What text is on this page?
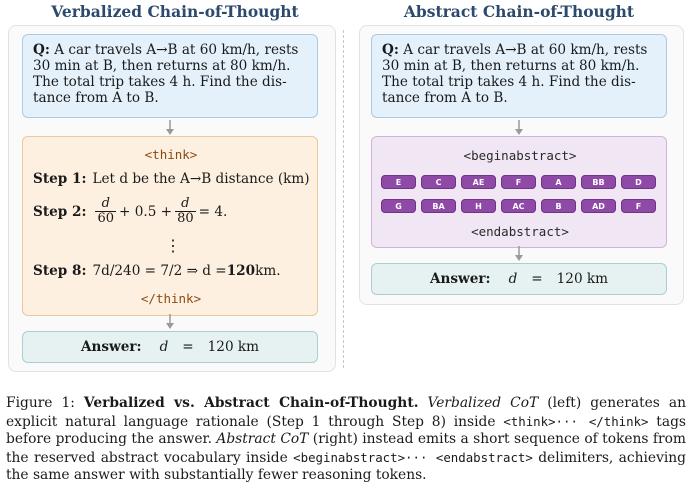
Verbalized Chain-of-Thought	Abstract Chain-of-Thought
Q: A car travels A→B at 60 km/h, rests
30 min at B, then returns at 80 km/h.
The total trip takes 4 h. Find the dis-
tance from A to B.
<think>
Step 1: Let d be the A→B distance (km)
Step 2: $\frac{d}{60} + 0.5 + \frac{d}{80} = 4$.
⋮
Step 8: 7d/240 = 7/2 ⇒ d = 120 km.
</think>
Answer: d = 120 km
Q: A car travels A→B at 60 km/h, rests
30 min at B, then returns at 80 km/h.
The total trip takes 4 h. Find the dis-
tance from A to B.
<beginabstract>
E	C	AE	F	A	BB	D
G	BA	H	AC	B	AD	F
<endabstract>
Answer: d = 120 km
Figure 1: Verbalized vs. Abstract Chain-of-Thought. Verbalized CoT (left) generates an explicit natural language rationale (Step 1 through Step 8) inside <think>··· </think> tags before producing the answer. Abstract CoT (right) instead emits a short sequence of tokens from the reserved abstract vocabulary inside <beginabstract>··· <endabstract> delimiters, achieving the same answer with substantially fewer reasoning tokens.
